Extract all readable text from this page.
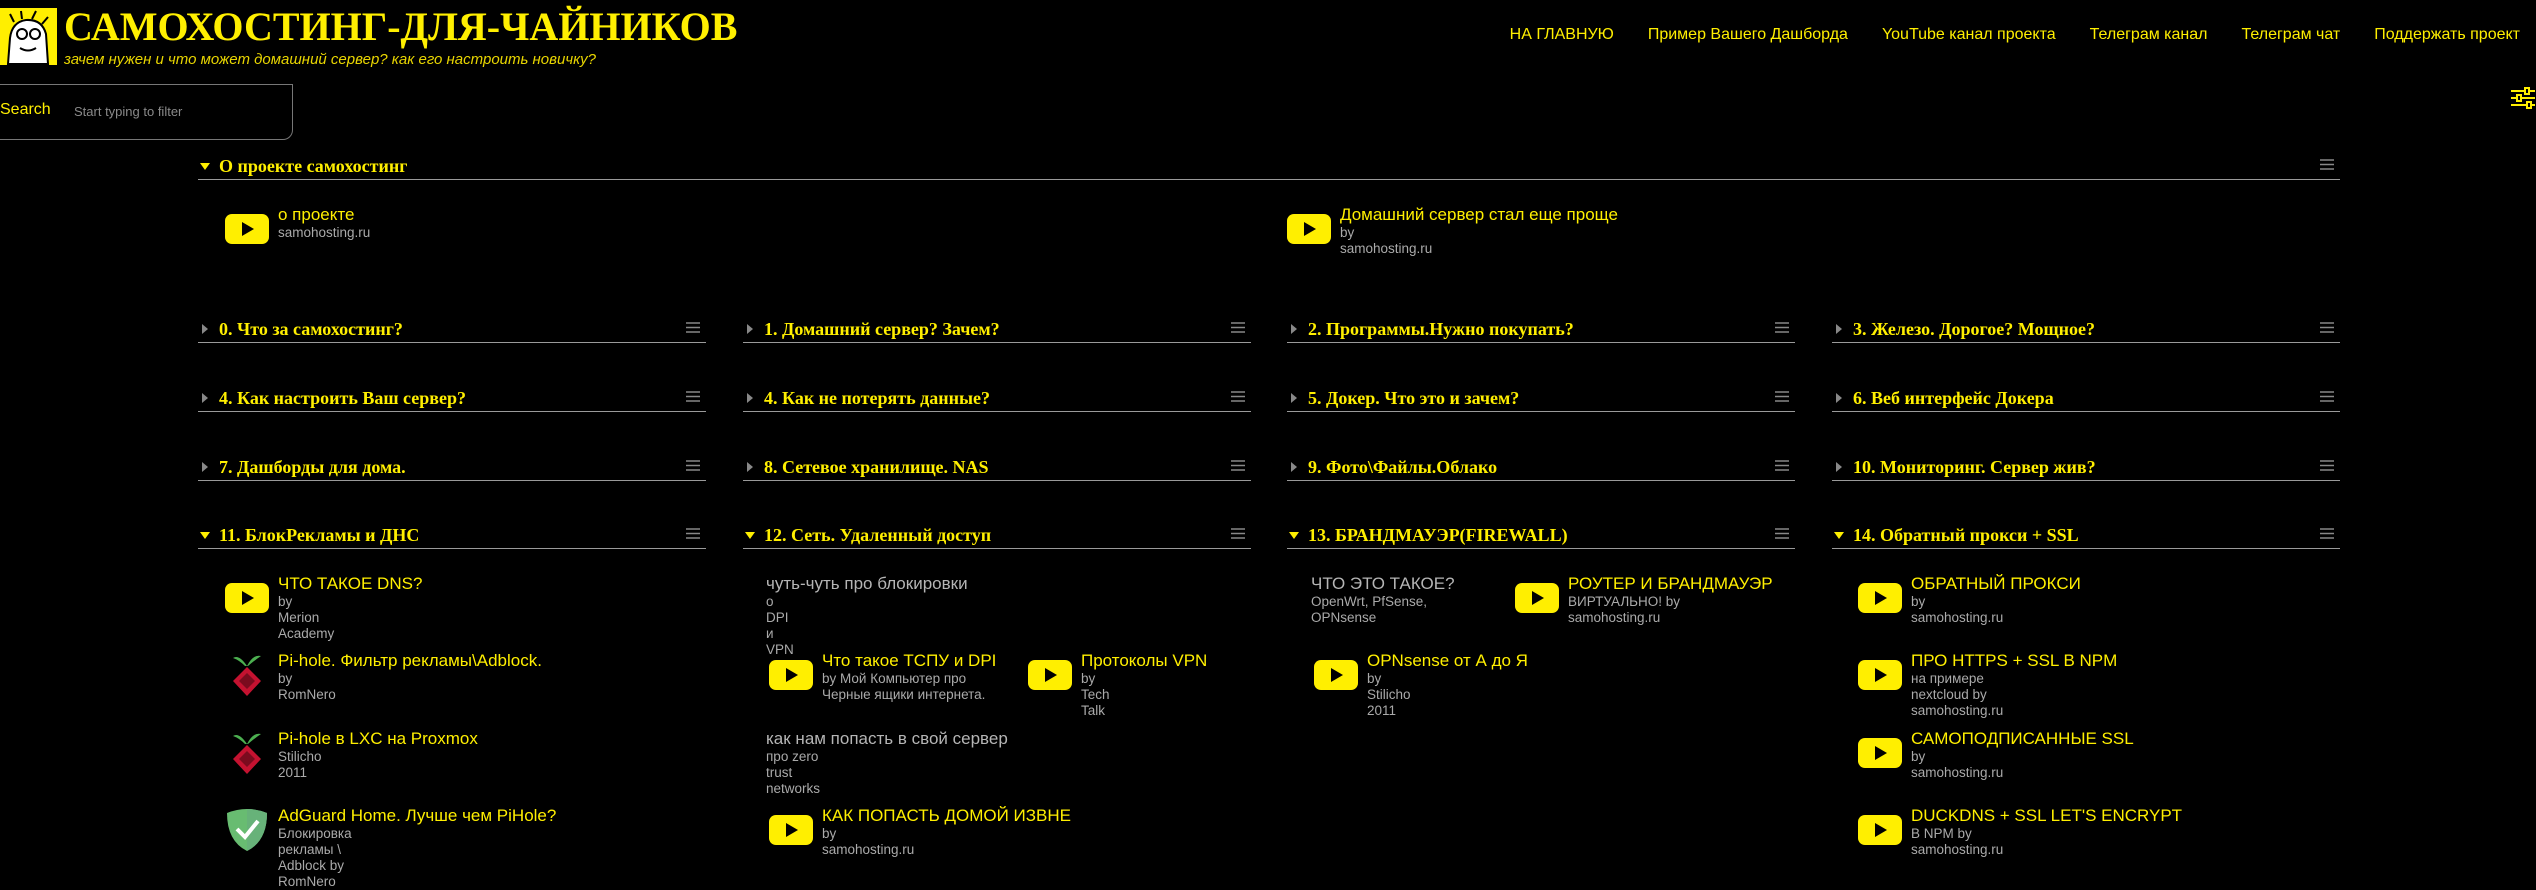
САМОХОСТИНГ-ДЛЯ-ЧАЙНИКОВ
зачем нужен и что может домашний сервер? как его настроить новичку?
НА ГЛАВНУЮ Пример Вашего Дашборда YouTube канал проекта Телеграм канал Телеграм чат Поддержать проект
Search
Start typing to filter
О проекте самохостинг
о проекте
samohosting.ru
Домашний сервер стал еще проще
by samohosting.ru
0. Что за самохостинг?	1. Домашний сервер? Зачем?	2. Программы.Нужно покупать?	3. Железо. Дорогое? Мощное?
4. Как настроить Ваш сервер?	4. Как не потерять данные?	5. Докер. Что это и зачем?	6. Веб интерфейс Докера
7. Дашборды для дома.	8. Сетевое хранилище. NAS	9. Фото\Файлы.Облако	10. Мониторинг. Сервер жив?
11. БлокРекламы и ДНС
ЧТО ТАКОЕ DNS?
by Merion Academy
Pi-hole. Фильтр рекламы\Adblock.
by RomNero
Pi-hole в LXC на Proxmox
Stilicho 2011
AdGuard Home. Лучше чем PiHole?
Блокировка рекламы \ Adblock by RomNero
12. Сеть. Удаленный доступ
чуть-чуть про блокировки
о DPI и VPN
Что такое ТСПУ и DPI
by Мой Компьютер про Черные ящики интернета.
Протоколы VPN
by Tech Talk
как нам попасть в свой сервер
про zero trust networks
КАК ПОПАСТЬ ДОМОЙ ИЗВНЕ
by samohosting.ru
13. БРАНДМАУЭР(FIREWALL)
ЧТО ЭТО ТАКОЕ?
OpenWrt, PfSense, OPNsense
РОУТЕР И БРАНДМАУЭР
ВИРТУАЛЬНО! by samohosting.ru
OPNsense от А до Я
by Stilicho 2011
14. Обратный прокси + SSL
ОБРАТНЫЙ ПРОКСИ
by samohosting.ru
ПРО HTTPS + SSL В NPM
на примере nextcloud by samohosting.ru
САМОПОДПИСАННЫЕ SSL
by samohosting.ru
DUCKDNS + SSL LET'S ENCRYPT
В NPM by samohosting.ru
